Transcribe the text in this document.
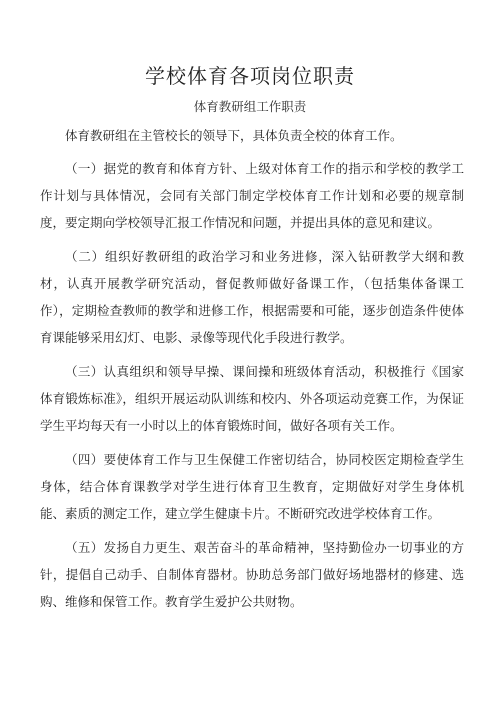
学校体育各项岗位职责
体育教研组工作职责

体育教研组在主管校长的领导下，具体负责全校的体育工作。

（一）据党的教育和体育方针、上级对体育工作的指示和学校的教学工作计划与具体情况，会同有关部门制定学校体育工作计划和必要的规章制度，要定期向学校领导汇报工作情况和问题，并提出具体的意见和建议。

（二）组织好教研组的政治学习和业务进修，深入钻研教学大纲和教材，认真开展教学研究活动，督促教师做好备课工作，（包括集体备课工作），定期检查教师的教学和进修工作，根据需要和可能，逐步创造条件使体育课能够采用幻灯、电影、录像等现代化手段进行教学。

（三）认真组织和领导早操、课间操和班级体育活动，积极推行《国家体育锻炼标准》，组织开展运动队训练和校内、外各项运动竞赛工作，为保证学生平均每天有一小时以上的体育锻炼时间，做好各项有关工作。

（四）要使体育工作与卫生保健工作密切结合，协同校医定期检查学生身体，结合体育课教学对学生进行体育卫生教育，定期做好对学生身体机能、素质的测定工作，建立学生健康卡片。不断研究改进学校体育工作。

（五）发扬自力更生、艰苦奋斗的革命精神，坚持勤俭办一切事业的方针，提倡自己动手、自制体育器材。协助总务部门做好场地器材的修建、选购、维修和保管工作。教育学生爱护公共财物。
